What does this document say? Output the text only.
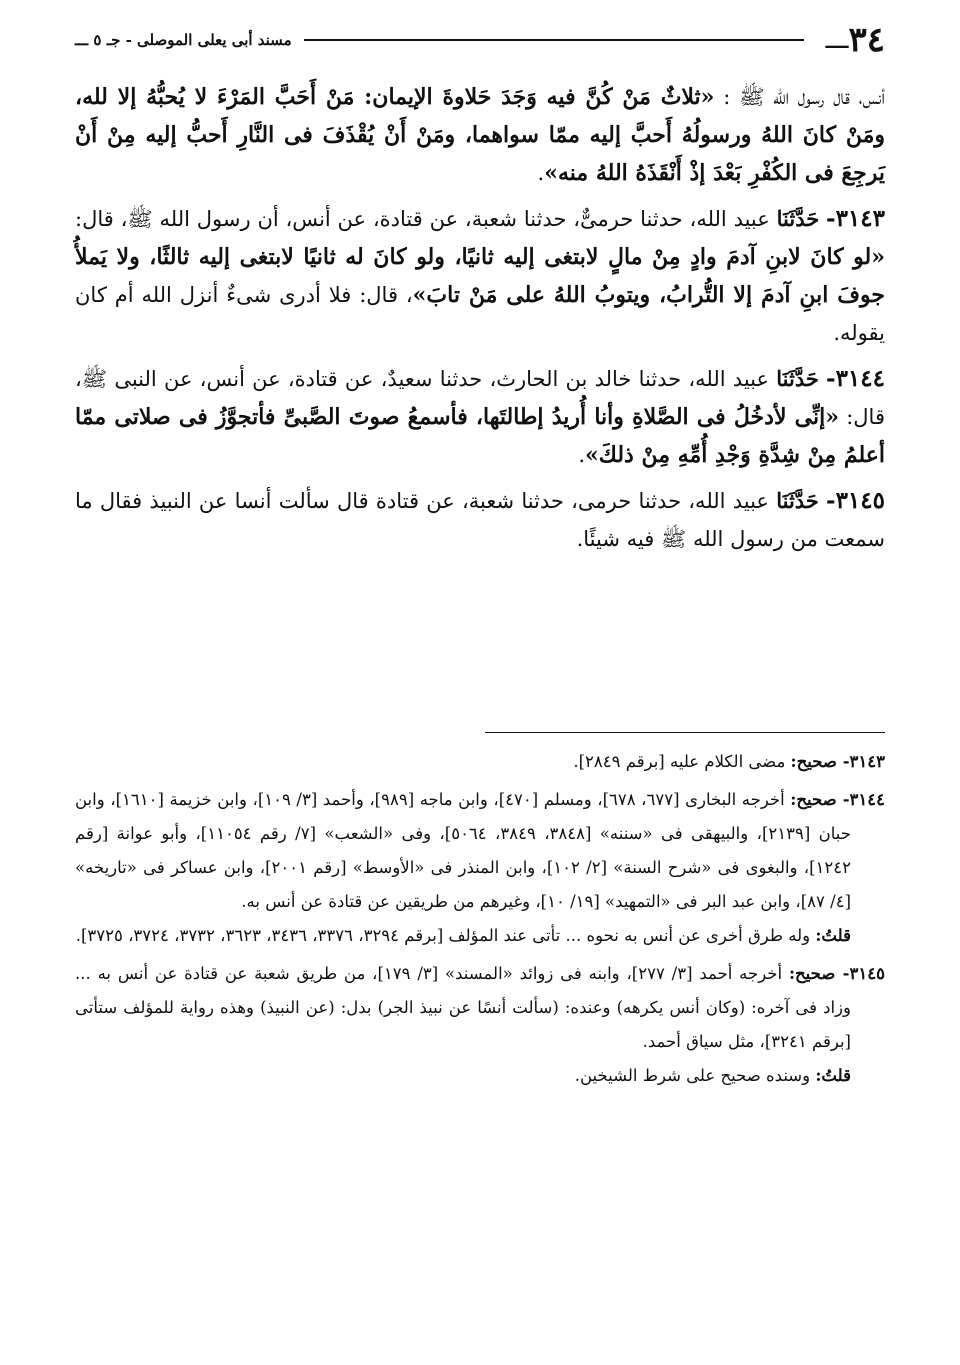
٣٤
ـــ
مسند أبى يعلى الموصلى - جـ ٥ ـــ

أنس، قال رسول الله ﷺ : «ثلاثٌ مَنْ كُنَّ فيه وَجَدَ حَلاوةَ الإيمان: مَنْ أَحَبَّ المَرْءَ لا يُحبُّهُ إلا لله، ومَنْ كانَ اللهُ ورسولُهُ أَحبَّ إليه ممّا سواهما، ومَنْ أَنْ يُقْذَفَ فى النَّارِ أَحبُّ إليه مِنْ أَنْ يَرجِعَ فى الكُفْرِ بَعْدَ إذْ أَنْقَذَهُ اللهُ منه».

٣١٤٣- حَدَّثَنَا عبيد الله، حدثنا حرمىٌّ، حدثنا شعبة، عن قتادة، عن أنس، أن رسول الله ﷺ، قال: «لو كانَ لابنِ آدمَ وادٍ مِنْ مالٍ لابتغى إليه ثانيًا، ولو كانَ له ثانيًا لابتغى إليه ثالثًا، ولا يَملأُ جوفَ ابنِ آدمَ إلا التُّرابُ، ويتوبُ اللهُ على مَنْ تابَ»، قال: فلا أدرى شىءٌ أنزل الله أم كان يقوله.

٣١٤٤- حَدَّثَنَا عبيد الله، حدثنا خالد بن الحارث، حدثنا سعيدٌ، عن قتادة، عن أنس، عن النبى ﷺ، قال: «إنِّى لأدخُلُ فى الصَّلاةِ وأنا أُريدُ إطالتَها، فأسمعُ صوتَ الصَّبىِّ فأتجوَّزُ فى صلاتى ممّا أعلمُ مِنْ شِدَّةِ وَجْدِ أُمِّهِ مِنْ ذلكَ».

٣١٤٥- حَدَّثَنَا عبيد الله، حدثنا حرمى، حدثنا شعبة، عن قتادة قال سألت أنسا عن النبيذ فقال ما سمعت من رسول الله ﷺ فيه شيئًا.

٣١٤٣- صحيح: مضى الكلام عليه [برقم ٢٨٤٩].

٣١٤٤- صحيح: أخرجه البخارى [٦٧٧، ٦٧٨]، ومسلم [٤٧٠]، وابن ماجه [٩٨٩]، وأحمد [٣/ ١٠٩]، وابن خزيمة [١٦١٠]، وابن حبان [٢١٣٩]، والبيهقى فى «سننه» [٣٨٤٨، ٣٨٤٩، ٥٠٦٤]، وفى «الشعب» [٧/ رقم ١١٠٥٤]، وأبو عوانة [رقم ١٢٤٢]، والبغوى فى «شرح السنة» [٢/ ١٠٢]، وابن المنذر فى «الأوسط» [رقم ٢٠٠١]، وابن عساكر فى «تاريخه» [٤/ ٨٧]، وابن عبد البر فى «التمهيد» [١٩/ ١٠]، وغيرهم من طريقين عن قتادة عن أنس به.
قلتُ: وله طرق أخرى عن أنس به نحوه ... تأتى عند المؤلف [برقم ٣٢٩٤، ٣٣٧٦، ٣٤٣٦، ٣٦٢٣، ٣٧٣٢، ٣٧٢٤، ٣٧٢٥].

٣١٤٥- صحيح: أخرجه أحمد [٣/ ٢٧٧]، وابنه فى زوائد «المسند» [٣/ ١٧٩]، من طريق شعبة عن قتادة عن أنس به ... وزاد فى آخره: (وكان أنس يكرهه) وعنده: (سألت أنسًا عن نبيذ الجر) بدل: (عن النبيذ) وهذه رواية للمؤلف ستأتى [برقم ٣٢٤١]، مثل سياق أحمد.
قلتُ: وسنده صحيح على شرط الشيخين.
